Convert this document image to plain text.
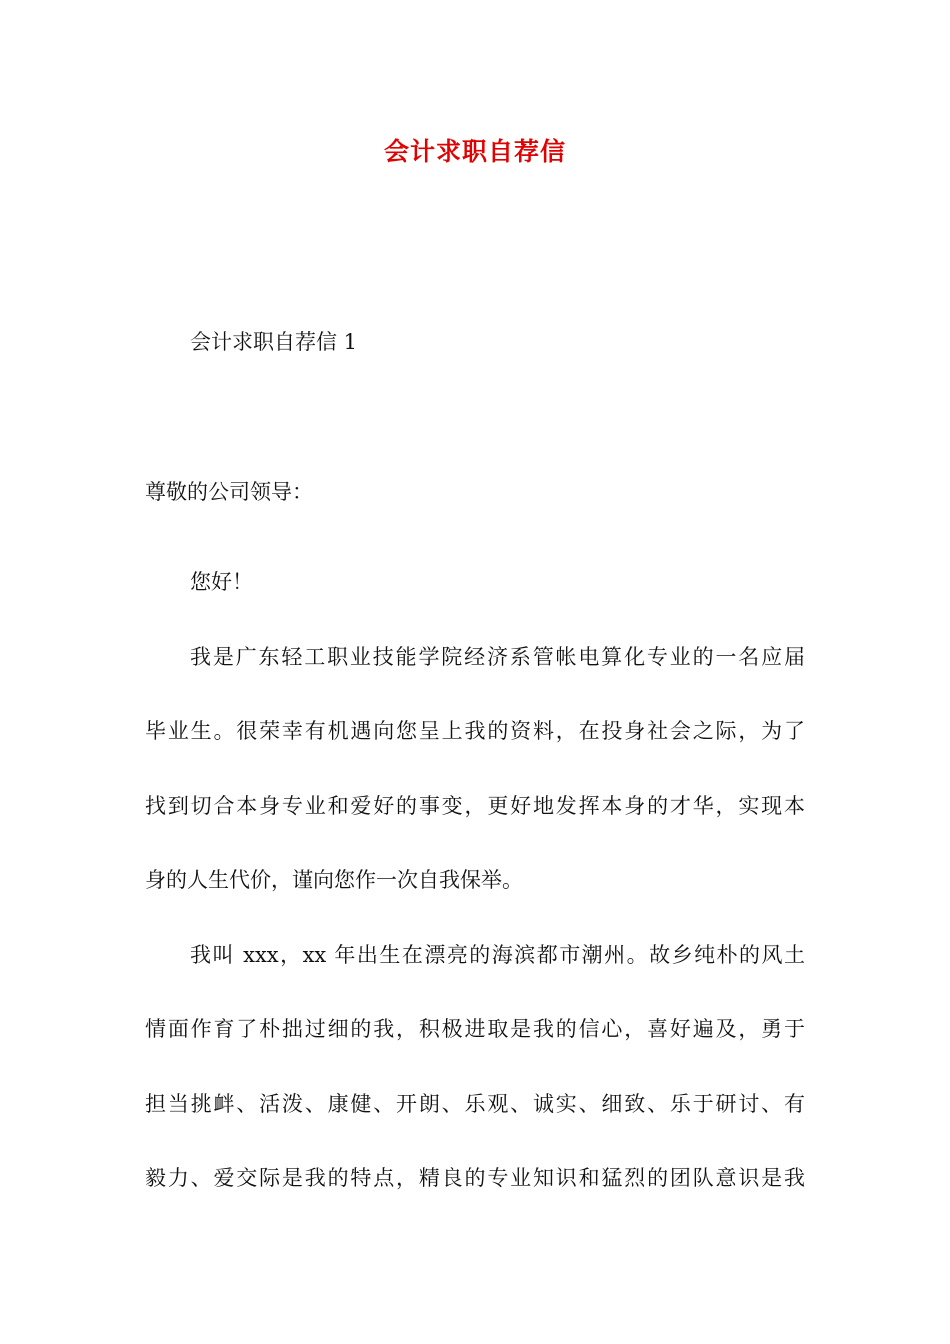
会计求职自荐信
会计求职自荐信 1
尊敬的公司领导：

您好！

我是广东轻工职业技能学院经济系管帐电算化专业的一名应届
毕业生。很荣幸有机遇向您呈上我的资料，在投身社会之际，为了
找到切合本身专业和爱好的事变，更好地发挥本身的才华，实现本
身的人生代价，谨向您作一次自我保举。

我叫 xxx，xx 年出生在漂亮的海滨都市潮州。故乡纯朴的风土
情面作育了朴拙过细的我，积极进取是我的信心，喜好遍及，勇于
担当挑衅、活泼、康健、开朗、乐观、诚实、细致、乐于研讨、有
毅力、爱交际是我的特点，精良的专业知识和猛烈的团队意识是我
